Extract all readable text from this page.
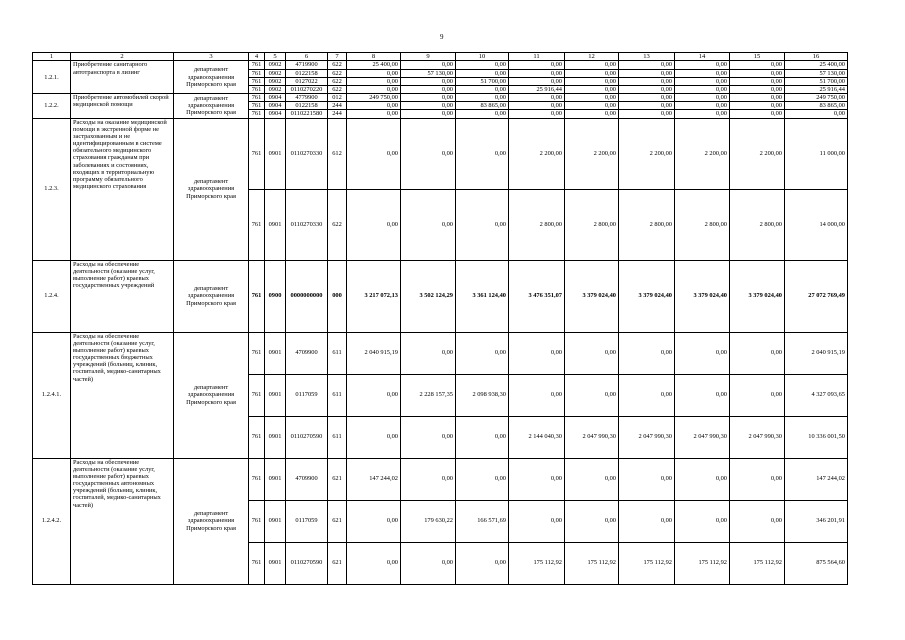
9
1	2	3	4	5	6	7	8	9	10	11	12	13	14	15	16
1.2.1.	Приобретение санитарного автотранспорта в лизинг	департамент здравоохранения Приморского края	761	0902	4719900	622	25 400,00	0,00	0,00	0,00	0,00	0,00	0,00	0,00	25 400,00
			761	0902	0122158	622	0,00	57 130,00	0,00	0,00	0,00	0,00	0,00	0,00	57 130,00
			761	0902	0127022	622	0,00	0,00	51 700,00	0,00	0,00	0,00	0,00	0,00	51 700,00
			761	0902	0110270220	622	0,00	0,00	0,00	25 916,44	0,00	0,00	0,00	0,00	25 916,44
1.2.2.	Приобретение автомобилей скорой медицинской помощи	департамент здравоохранения Приморского края	761	0904	4779900	012	249 750,00	0,00	0,00	0,00	0,00	0,00	0,00	0,00	249 750,00
			761	0904	0122158	244	0,00	0,00	83 865,00	0,00	0,00	0,00	0,00	0,00	83 865,00
			761	0904	0110221580	244	0,00	0,00	0,00	0,00	0,00	0,00	0,00	0,00	0,00
1.2.3.	Расходы на оказание медицинской помощи в экстренной форме не застрахованным и не идентифицированным в системе обязательного медицинского страхования гражданам при заболеваниях и состояниях, входящих в территориальную программу обязательного медицинского страхования	департамент здравоохранения Приморского края	761	0901	0110270330	612	0,00	0,00	0,00	2 200,00	2 200,00	2 200,00	2 200,00	2 200,00	11 000,00
			761	0901	0110270330	622	0,00	0,00	0,00	2 800,00	2 800,00	2 800,00	2 800,00	2 800,00	14 000,00
1.2.4.	Расходы на обеспечение деятельности (оказание услуг, выполнение работ) краевых государственных учреждений	департамент здравоохранения Приморского края	761	0900	0000000000	000	3 217 072,13	3 502 124,29	3 361 124,40	3 476 351,07	3 379 024,40	3 379 024,40	3 379 024,40	3 379 024,40	27 072 769,49
1.2.4.1.	Расходы на обеспечение деятельности (оказание услуг, выполнение работ) краевых государственных бюджетных учреждений (больниц, клиник, госпиталей, медико-санитарных частей)	департамент здравоохранения Приморского края	761	0901	4709900	611	2 040 915,19	0,00	0,00	0,00	0,00	0,00	0,00	0,00	2 040 915,19
			761	0901	0117059	611	0,00	2 228 157,35	2 098 938,30	0,00	0,00	0,00	0,00	0,00	4 327 093,65
			761	0901	0110270590	611	0,00	0,00	0,00	2 144 040,30	2 047 990,30	2 047 990,30	2 047 990,30	2 047 990,30	10 336 001,50
1.2.4.2.	Расходы на обеспечение деятельности (оказание услуг, выполнение работ) краевых государственных автономных учреждений (больниц, клиник, госпиталей, медико-санитарных частей)	департамент здравоохранения Приморского края	761	0901	4709900	621	147 244,02	0,00	0,00	0,00	0,00	0,00	0,00	0,00	147 244,02
			761	0901	0117059	621	0,00	179 630,22	166 571,69	0,00	0,00	0,00	0,00	0,00	346 201,91
			761	0901	0110270590	621	0,00	0,00	0,00	175 112,92	175 112,92	175 112,92	175 112,92	175 112,92	875 564,60
